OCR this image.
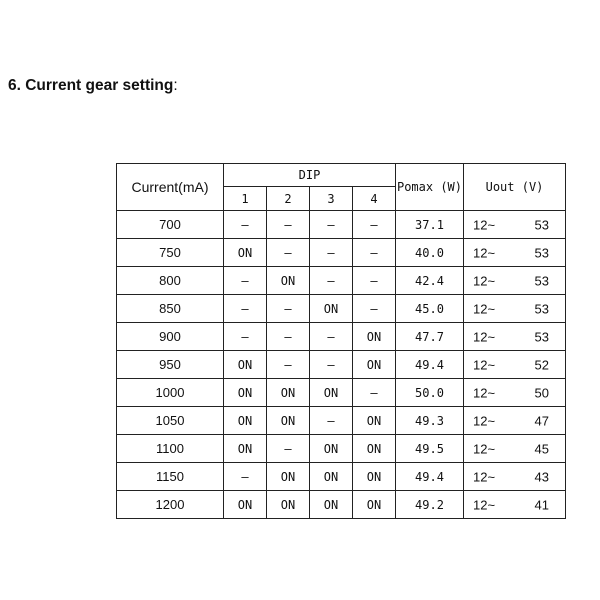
6. Current gear setting:
Current(mA)	DIP				Pomax (W)	Uout (V)
	1	2	3	4		
700	–	–	–	–	37.1	12~ 53

750	ON	–	–	–	40.0	12~ 53

800	–	ON	–	–	42.4	12~ 53

850	–	–	ON	–	45.0	12~ 53

900	–	–	–	ON	47.7	12~ 53

950	ON	–	–	ON	49.4	12~ 52

1000	ON	ON	ON	–	50.0	12~ 50

1050	ON	ON	–	ON	49.3	12~ 47

1100	ON	–	ON	ON	49.5	12~ 45

1150	–	ON	ON	ON	49.4	12~ 43

1200	ON	ON	ON	ON	49.2	12~ 41
